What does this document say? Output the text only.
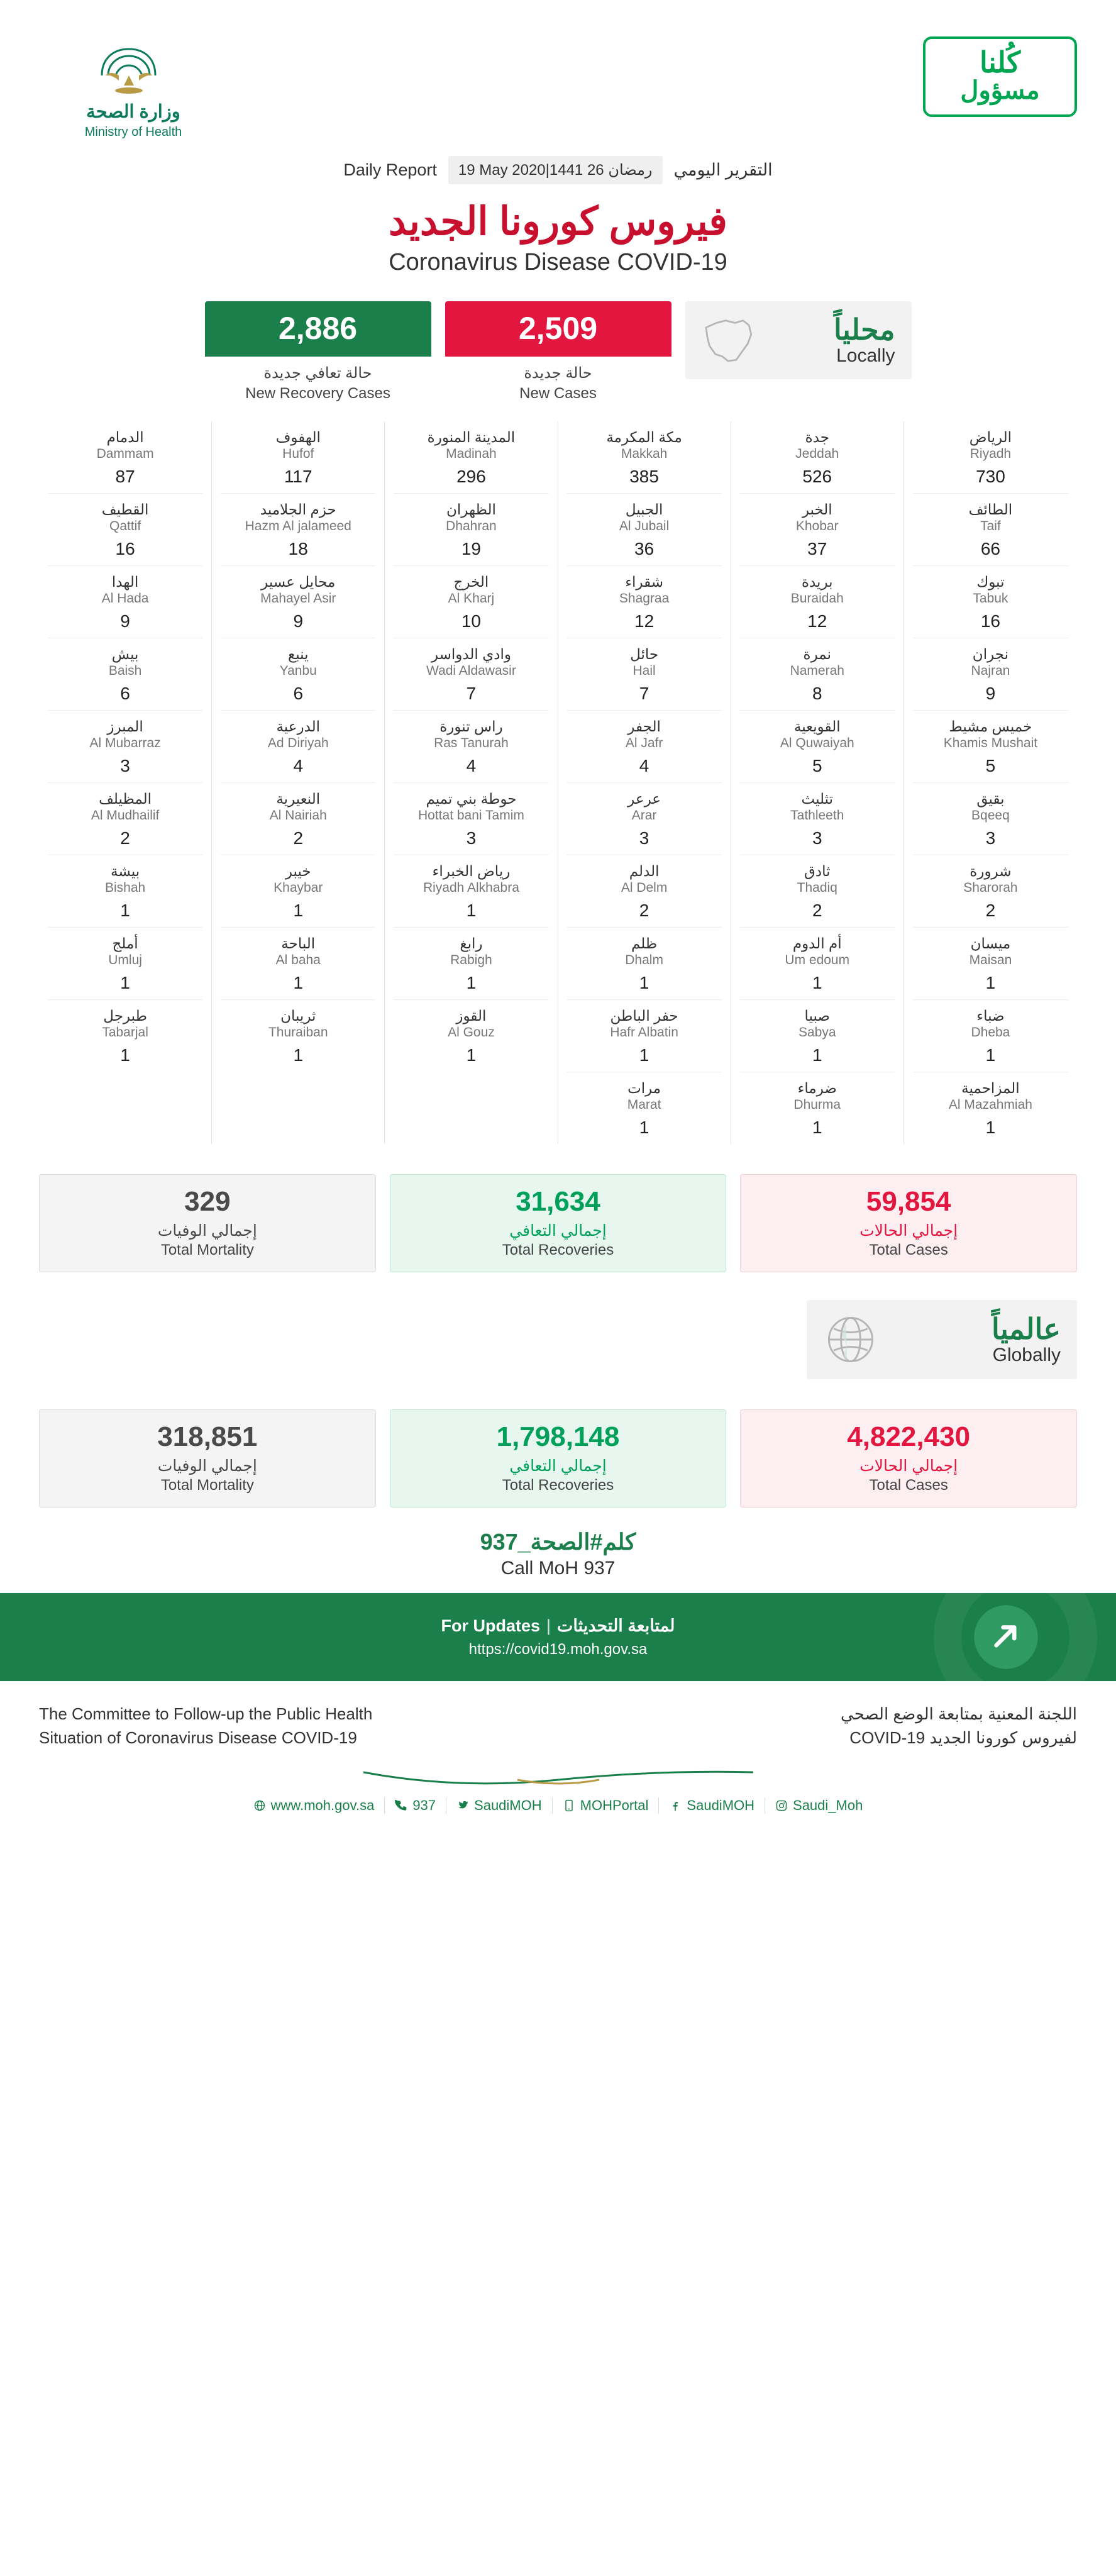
وزارة الصحة
Ministry of Health
كُلنا
مسؤول
Daily Report	19 May 2020|1441 رمضان 26	التقرير اليومي
فيروس كورونا الجديد
Coronavirus Disease COVID-19
2,886
حالة تعافي جديدة
New Recovery Cases
2,509
حالة جديدة
New Cases
محلياً
Locally
الرياض
Riyadh
730
الطائف
Taif
66
تبوك
Tabuk
16
نجران
Najran
9
خميس مشيط
Khamis Mushait
5
بقيق
Bqeeq
3
شرورة
Sharorah
2
ميسان
Maisan
1
ضباء
Dheba
1
المزاحمية
Al Mazahmiah
1
جدة
Jeddah
526
الخبر
Khobar
37
بريدة
Buraidah
12
نمرة
Namerah
8
القويعية
Al Quwaiyah
5
تثليث
Tathleeth
3
ثادق
Thadiq
2
أم الدوم
Um edoum
1
صبيا
Sabya
1
ضرماء
Dhurma
1
مكة المكرمة
Makkah
385
الجبيل
Al Jubail
36
شقراء
Shagraa
12
حائل
Hail
7
الجفر
Al Jafr
4
عرعر
Arar
3
الدلم
Al Delm
2
ظلم
Dhalm
1
حفر الباطن
Hafr Albatin
1
مرات
Marat
1
المدينة المنورة
Madinah
296
الظهران
Dhahran
19
الخرج
Al Kharj
10
وادي الدواسر
Wadi Aldawasir
7
راس تنورة
Ras Tanurah
4
حوطة بني تميم
Hottat bani Tamim
3
رياض الخبراء
Riyadh Alkhabra
1
رابغ
Rabigh
1
القوز
Al Gouz
1
الهفوف
Hufof
117
حزم الجلاميد
Hazm Al jalameed
18
محايل عسير
Mahayel Asir
9
ينبع
Yanbu
6
الدرعية
Ad Diriyah
4
النعيرية
Al Nairiah
2
خيبر
Khaybar
1
الباحة
Al baha
1
ثريبان
Thuraiban
1
الدمام
Dammam
87
القطيف
Qattif
16
الهدا
Al Hada
9
بيش
Baish
6
المبرز
Al Mubarraz
3
المظيلف
Al Mudhailif
2
بيشة
Bishah
1
أملج
Umluj
1
طبرجل
Tabarjal
1
329
إجمالي الوفيات
Total Mortality
31,634
إجمالي التعافي
Total Recoveries
59,854
إجمالي الحالات
Total Cases
عالمياً
Globally
318,851
إجمالي الوفيات
Total Mortality
1,798,148
إجمالي التعافي
Total Recoveries
4,822,430
إجمالي الحالات
Total Cases
كلم#الصحة_937
Call MoH 937
For Updates | لمتابعة التحديثات
https://covid19.moh.gov.sa
The Committee to Follow-up the Public Health
Situation of Coronavirus Disease COVID-19
اللجنة المعنية بمتابعة الوضع الصحي
لفيروس كورونا الجديد COVID-19
www.moh.gov.sa	937	SaudiMOH	MOHPortal	SaudiMOH	Saudi_Moh
